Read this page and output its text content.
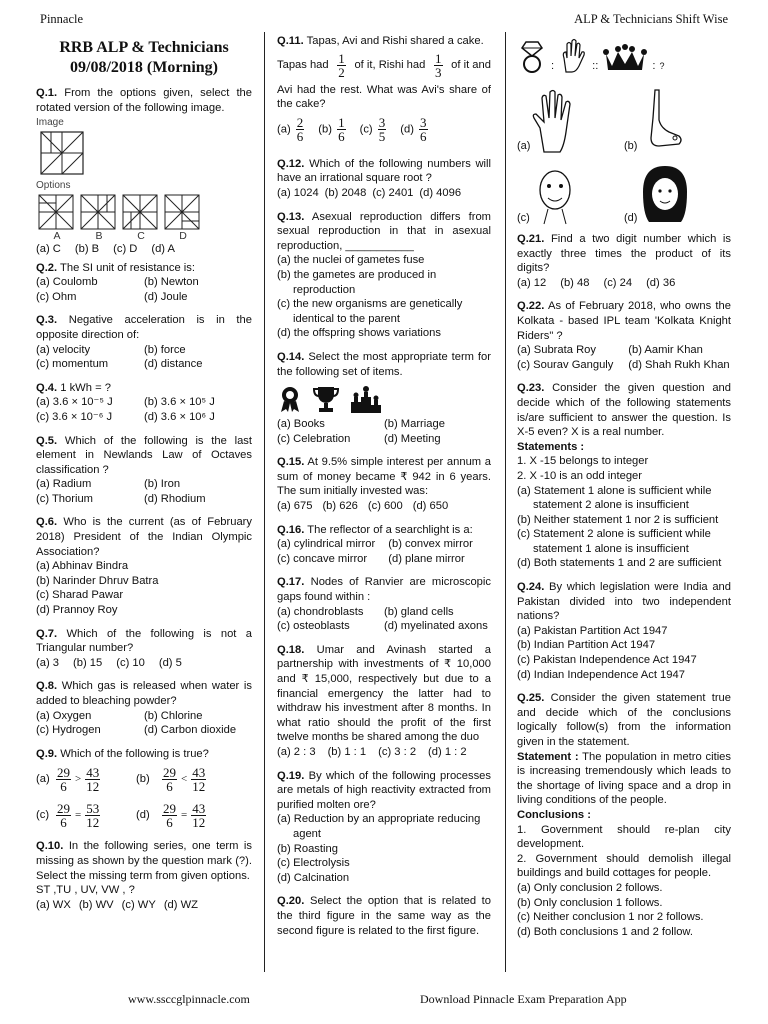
Pinnacle	ALP & Technicians Shift Wise
www.ssccglpinnacle.com	Download Pinnacle Exam Preparation App
RRB ALP & Technicians
09/08/2018 (Morning)
Q.1. From the options given, select the rotated version of the following image.
Image
Options
A	B	C	D
(a) C (b) B (c) D (d) A
Q.2. The SI unit of resistance is:
(a) Coulomb	(b) Newton
(c) Ohm	(d) Joule
Q.3. Negative acceleration is in the opposite direction of:
(a) velocity	(b) force
(c) momentum	(d) distance
Q.4. 1 kWh = ?
(a) 3.6 × 10⁻⁵ J	(b) 3.6 × 10⁵ J
(c) 3.6 × 10⁻⁶ J	(d) 3.6 × 10⁶ J
Q.5. Which of the following is the last element in Newlands Law of Octaves classification ?
(a) Radium	(b) Iron
(c) Thorium	(d) Rhodium
Q.6. Who is the current (as of February 2018) President of the Indian Olympic Association?
(a) Abhinav Bindra
(b) Narinder Dhruv Batra
(c) Sharad Pawar
(d) Prannoy Roy
Q.7. Which of the following is not a Triangular number?
(a) 3 (b) 15 (c) 10 (d) 5
Q.8. Which gas is released when water is added to bleaching powder?
(a) Oxygen	(b) Chlorine
(c) Hydrogen	(d) Carbon dioxide
Q.9. Which of the following is true?
$(a) \frac{29}{6} > \frac{43}{12}$	$(b) \frac{29}{6} < \frac{43}{12}$
$(c) \frac{29}{6} = \frac{53}{12}$	$(d) \frac{29}{6} = \frac{43}{12}$
Q.10. In the following series, one term is missing as shown by the question mark (?). Select the missing term from given options.
ST ,TU , UV, VW , ?
(a) WX (b) WV (c) WY (d) WZ
Q.11. Tapas, Avi and Rishi shared a cake.
Tapas had $\frac{1}{2}$ of it, Rishi had $\frac{1}{3}$ of it and
Avi had the rest. What was Avi's share of the cake?
$(a) \frac{2}{6} (b) \frac{1}{6} (c) \frac{3}{5} (d) \frac{3}{6}$
Q.12. Which of the following numbers will have an irrational square root ?
(a) 1024 (b) 2048 (c) 2401 (d) 4096
Q.13. Asexual reproduction differs from sexual reproduction in that in asexual reproduction, ___________
(a) the nuclei of gametes fuse
(b) the gametes are produced in reproduction
(c) the new organisms are genetically identical to the parent
(d) the offspring shows variations
Q.14. Select the most appropriate term for the following set of items.
(a) Books	(b) Marriage
(c) Celebration	(d) Meeting
Q.15. At 9.5% simple interest per annum a sum of money became ₹ 942 in 6 years. The sum initially invested was:
(a) 675 (b) 626 (c) 600 (d) 650
Q.16. The reflector of a searchlight is a:
(a) cylindrical mirror	(b) convex mirror
(c) concave mirror	(d) plane mirror
Q.17. Nodes of Ranvier are microscopic gaps found within :
(a) chondroblasts	(b) gland cells
(c) osteoblasts	(d) myelinated axons
Q.18. Umar and Avinash started a partnership with investments of ₹ 10,000 and ₹ 15,000, respectively but due to a financial emergency the latter had to withdraw his investment after 8 months. In what ratio should the profit of the first twelve months be shared among the duo
(a) 2 : 3 (b) 1 : 1 (c) 3 : 2 (d) 1 : 2
Q.19. By which of the following processes are metals of high reactivity extracted from purified molten ore?
(a) Reduction by an appropriate reducing agent
(b) Roasting
(c) Electrolysis
(d) Calcination
Q.20. Select the option that is related to the third figure in the same way as the second figure is related to the first figure.
:	::	: ?
(a)	(b)
(c)	(d)
Q.21. Find a two digit number which is exactly three times the product of its digits?
(a) 12 (b) 48 (c) 24 (d) 36
Q.22. As of February 2018, who owns the Kolkata - based IPL team 'Kolkata Knight Riders" ?
(a) Subrata Roy	(b) Aamir Khan
(c) Sourav Ganguly	(d) Shah Rukh Khan
Q.23. Consider the given question and decide which of the following statements is/are sufficient to answer the question. Is X-5 even? X is a real number.
Statements :
1. X -15 belongs to integer
2. X -10 is an odd integer
(a) Statement 1 alone is sufficient while statement 2 alone is insufficient
(b) Neither statement 1 nor 2 is sufficient
(c) Statement 2 alone is sufficient while statement 1 alone is insufficient
(d) Both statements 1 and 2 are sufficient
Q.24. By which legislation were India and Pakistan divided into two independent nations?
(a) Pakistan Partition Act 1947
(b) Indian Partition Act 1947
(c) Pakistan Independence Act 1947
(d) Indian Independence Act 1947
Q.25. Consider the given statement true and decide which of the conclusions logically follow(s) from the information given in the statement.
Statement : The population in metro cities is increasing tremendously which leads to the shortage of living space and a drop in living conditions of the people.
Conclusions :
1. Government should re-plan city development.
2. Government should demolish illegal buildings and build cottages for people.
(a) Only conclusion 2 follows.
(b) Only conclusion 1 follows.
(c) Neither conclusion 1 nor 2 follows.
(d) Both conclusions 1 and 2 follow.
